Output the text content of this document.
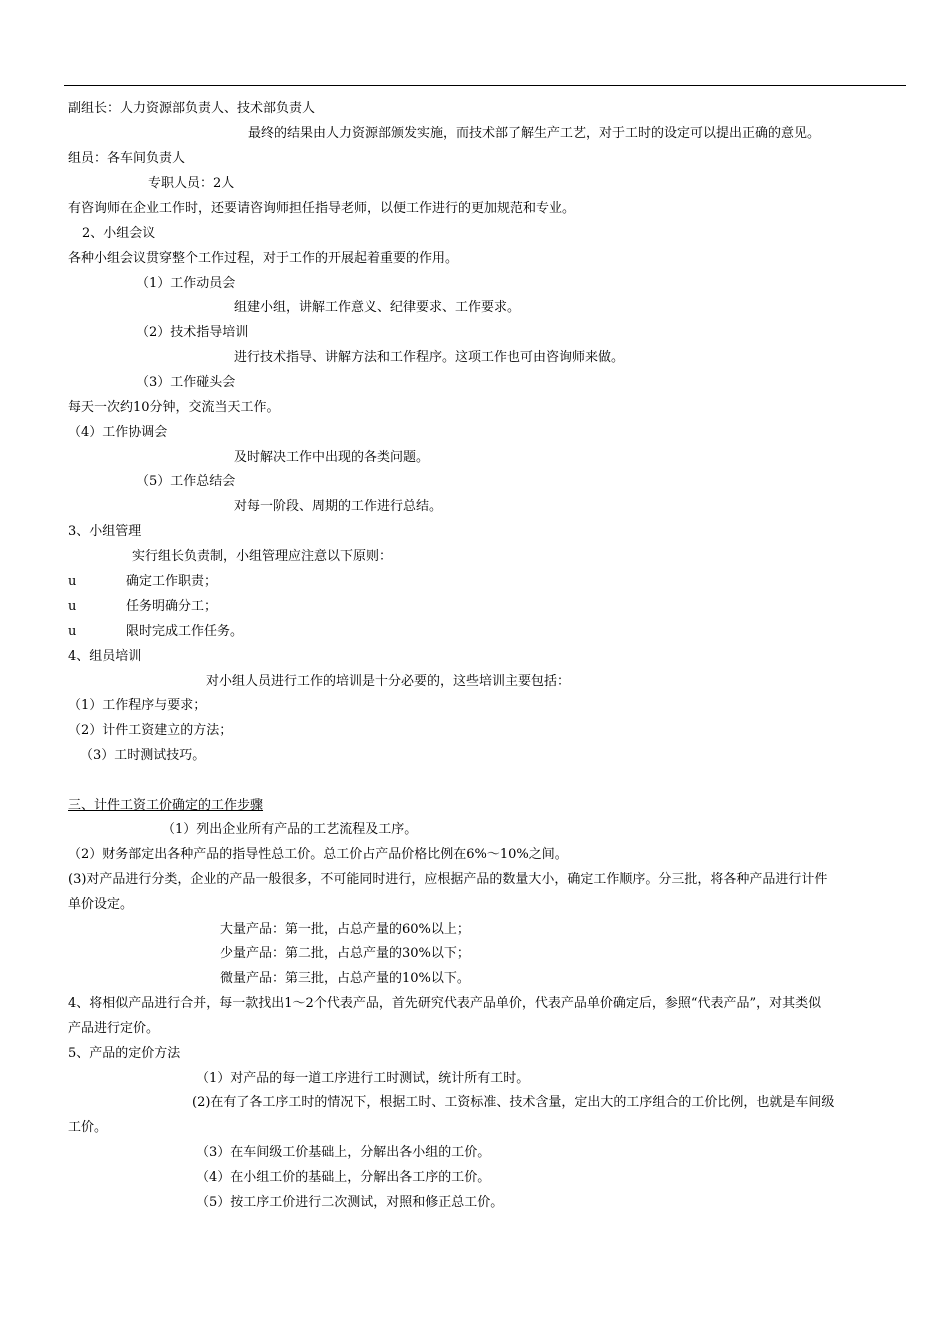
副组长：人力资源部负责人、技术部负责人
最终的结果由人力资源部颁发实施，而技术部了解生产工艺，对于工时的设定可以提出正确的意见。
组员：各车间负责人
专职人员：2人
有咨询师在企业工作时，还要请咨询师担任指导老师，以便工作进行的更加规范和专业。
2、小组会议
各种小组会议贯穿整个工作过程，对于工作的开展起着重要的作用。
（1）工作动员会
组建小组，讲解工作意义、纪律要求、工作要求。
（2）技术指导培训
进行技术指导、讲解方法和工作程序。这项工作也可由咨询师来做。
（3）工作碰头会
每天一次约10分钟，交流当天工作。
（4）工作协调会
及时解决工作中出现的各类问题。
（5）工作总结会
对每一阶段、周期的工作进行总结。
3、小组管理
实行组长负责制，小组管理应注意以下原则：
u	确定工作职责；
u	任务明确分工；
u	限时完成工作任务。
4、组员培训
对小组人员进行工作的培训是十分必要的，这些培训主要包括：
（1）工作程序与要求；
（2）计件工资建立的方法；
（3）工时测试技巧。
三、计件工资工价确定的工作步骤
（1）列出企业所有产品的工艺流程及工序。
（2）财务部定出各种产品的指导性总工价。总工价占产品价格比例在6%～10%之间。
(3)对产品进行分类，企业的产品一般很多，不可能同时进行，应根据产品的数量大小，确定工作顺序。分三批，将各种产品进行计件
单价设定。
大量产品：第一批，占总产量的60%以上；
少量产品：第二批，占总产量的30%以下；
微量产品：第三批，占总产量的10%以下。
4、将相似产品进行合并，每一款找出1～2个代表产品，首先研究代表产品单价，代表产品单价确定后，参照“代表产品”，对其类似
产品进行定价。
5、产品的定价方法
（1）对产品的每一道工序进行工时测试，统计所有工时。
(2)在有了各工序工时的情况下，根据工时、工资标准、技术含量，定出大的工序组合的工价比例，也就是车间级
工价。
（3）在车间级工价基础上，分解出各小组的工价。
（4）在小组工价的基础上，分解出各工序的工价。
（5）按工序工价进行二次测试，对照和修正总工价。
